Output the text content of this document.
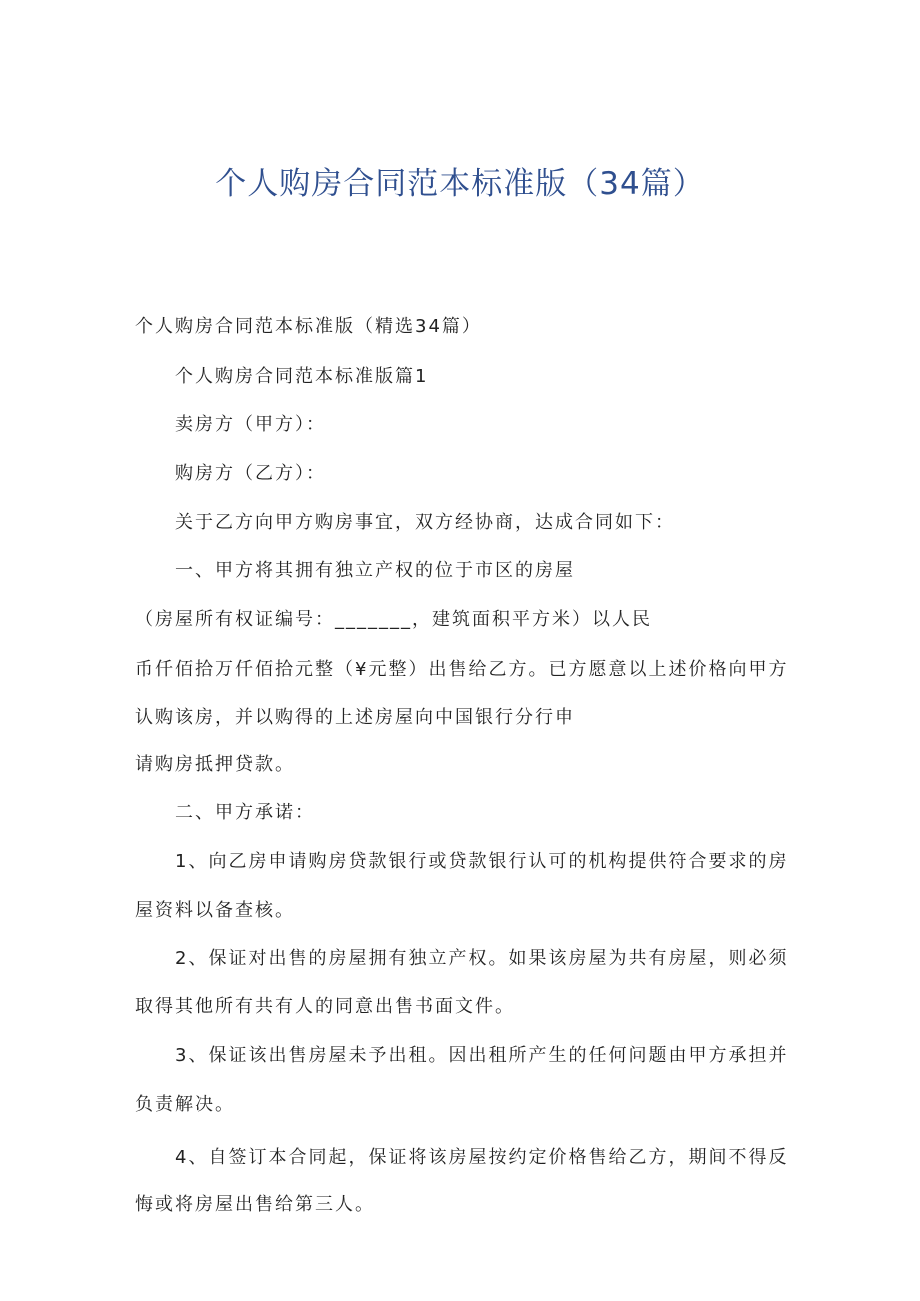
个人购房合同范本标准版（34篇）
个人购房合同范本标准版（精选34篇）
个人购房合同范本标准版篇1
卖房方（甲方）：
购房方（乙方）：
关于乙方向甲方购房事宜，双方经协商，达成合同如下：
一、甲方将其拥有独立产权的位于市区的房屋
（房屋所有权证编号：_______，建筑面积平方米）以人民
币仟佰拾万仟佰拾元整（¥元整）出售给乙方。已方愿意以上述价格向甲方
认购该房，并以购得的上述房屋向中国银行分行申
请购房抵押贷款。
二、甲方承诺：
1、向乙房申请购房贷款银行或贷款银行认可的机构提供符合要求的房
屋资料以备查核。
2、保证对出售的房屋拥有独立产权。如果该房屋为共有房屋，则必须
取得其他所有共有人的同意出售书面文件。
3、保证该出售房屋未予出租。因出租所产生的任何问题由甲方承担并
负责解决。
4、自签订本合同起，保证将该房屋按约定价格售给乙方，期间不得反
悔或将房屋出售给第三人。
